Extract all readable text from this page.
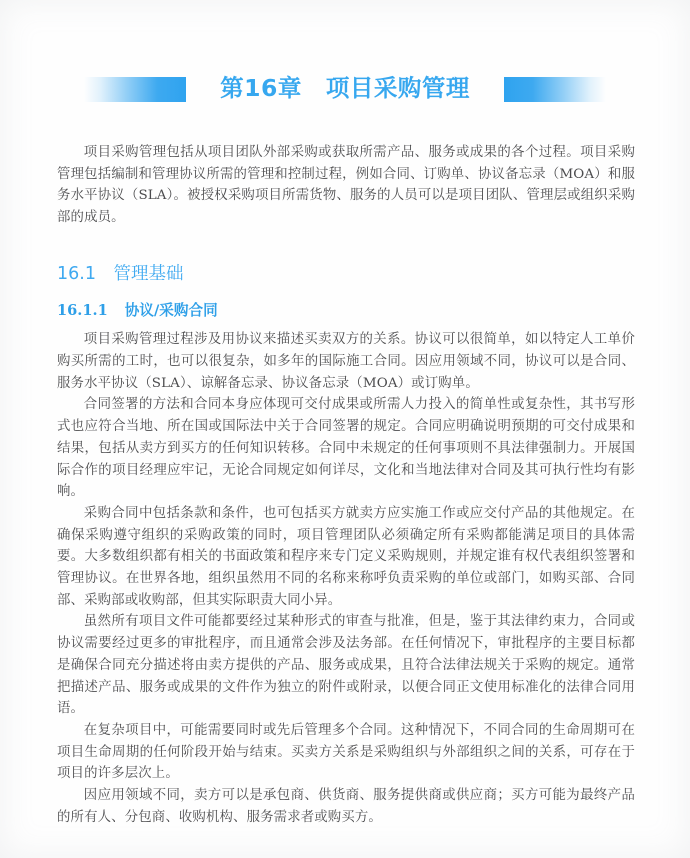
第16章　项目采购管理

项目采购管理包括从项目团队外部采购或获取所需产品、服务或成果的各个过程。项目采购管理包括编制和管理协议所需的管理和控制过程，例如合同、订购单、协议备忘录（MOA）和服务水平协议（SLA）。被授权采购项目所需货物、服务的人员可以是项目团队、管理层或组织采购部的成员。

16.1　管理基础
16.1.1 协议/采购合同

项目采购管理过程涉及用协议来描述买卖双方的关系。协议可以很简单，如以特定人工单价购买所需的工时，也可以很复杂，如多年的国际施工合同。因应用领域不同，协议可以是合同、服务水平协议（SLA）、谅解备忘录、协议备忘录（MOA）或订购单。

合同签署的方法和合同本身应体现可交付成果或所需人力投入的简单性或复杂性，其书写形式也应符合当地、所在国或国际法中关于合同签署的规定。合同应明确说明预期的可交付成果和结果，包括从卖方到买方的任何知识转移。合同中未规定的任何事项则不具法律强制力。开展国际合作的项目经理应牢记，无论合同规定如何详尽，文化和当地法律对合同及其可执行性均有影响。

采购合同中包括条款和条件，也可包括买方就卖方应实施工作或应交付产品的其他规定。在确保采购遵守组织的采购政策的同时，项目管理团队必须确定所有采购都能满足项目的具体需要。大多数组织都有相关的书面政策和程序来专门定义采购规则，并规定谁有权代表组织签署和管理协议。在世界各地，组织虽然用不同的名称来称呼负责采购的单位或部门，如购买部、合同部、采购部或收购部，但其实际职责大同小异。

虽然所有项目文件可能都要经过某种形式的审查与批准，但是，鉴于其法律约束力，合同或协议需要经过更多的审批程序，而且通常会涉及法务部。在任何情况下，审批程序的主要目标都是确保合同充分描述将由卖方提供的产品、服务或成果，且符合法律法规关于采购的规定。通常把描述产品、服务或成果的文件作为独立的附件或附录，以便合同正文使用标准化的法律合同用语。

在复杂项目中，可能需要同时或先后管理多个合同。这种情况下，不同合同的生命周期可在项目生命周期的任何阶段开始与结束。买卖方关系是采购组织与外部组织之间的关系，可存在于项目的许多层次上。

因应用领域不同，卖方可以是承包商、供货商、服务提供商或供应商；买方可能为最终产品的所有人、分包商、收购机构、服务需求者或购买方。
